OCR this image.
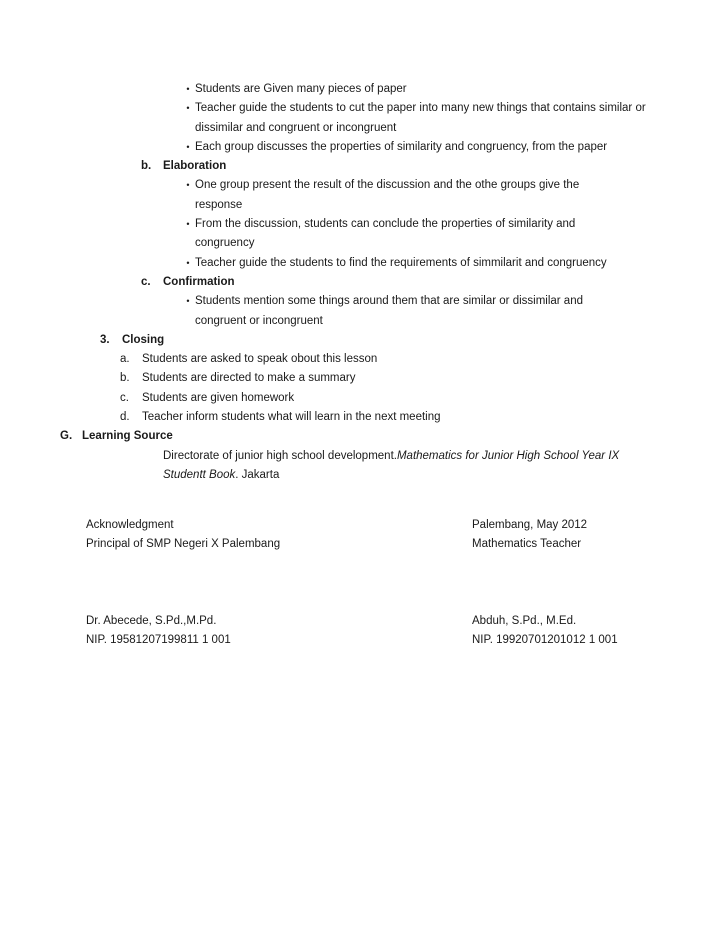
• Students are Given many pieces of paper
• Teacher guide the students to cut the paper into many new things that contains similar or dissimilar and congruent or incongruent
• Each group discusses the properties of similarity and congruency, from the paper
b.	Elaboration
• One group present the result of the discussion and the othe groups give the response
• From the discussion, students can conclude the properties of similarity and congruency
• Teacher guide the students to find the requirements of simmilarit and congruency
c.	Confirmation
• Students mention some things around them that are similar or dissimilar and congruent or incongruent
3.	Closing
a.	Students are asked to speak obout this lesson
b.	Students are directed to make a summary
c.	Students are given homework
d.	Teacher inform students what will learn in the next meeting
G. Learning Source
Directorate of junior high school development.Mathematics for Junior High School Year IX Studentt Book. Jakarta
Acknowledgment	Palembang, May 2012
Principal of SMP Negeri X Palembang	Mathematics Teacher
Dr. Abecede, S.Pd.,M.Pd.	Abduh, S.Pd., M.Ed.
NIP. 19581207199811 1 001	NIP. 19920701201012 1 001
